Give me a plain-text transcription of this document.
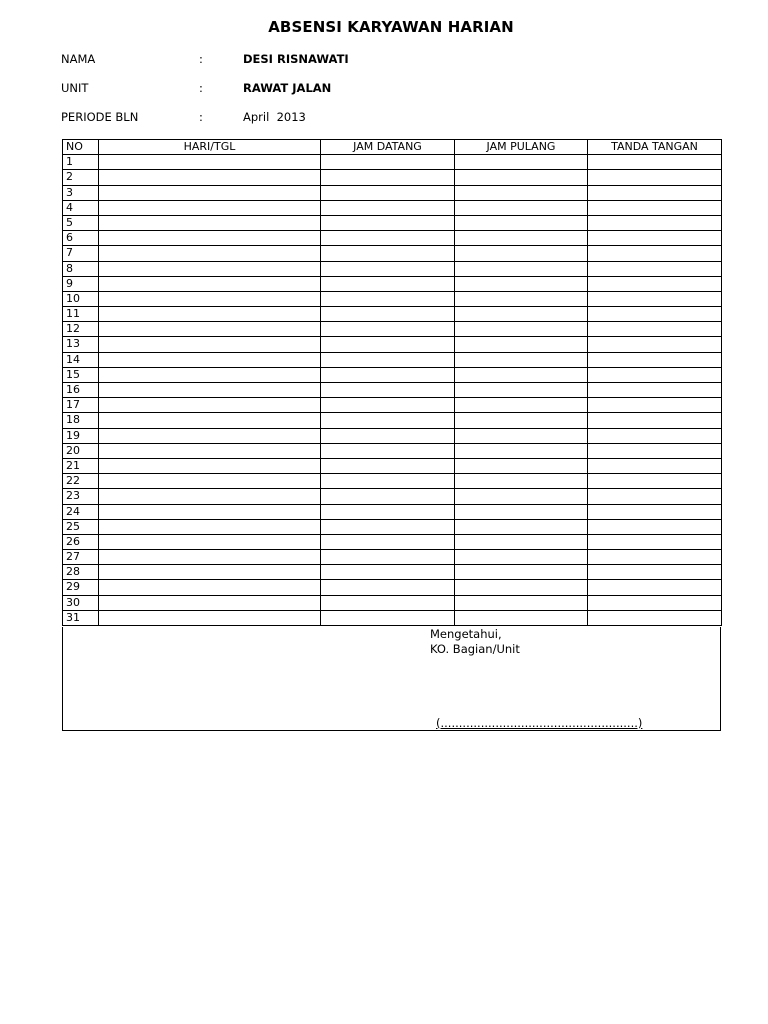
ABSENSI KARYAWAN HARIAN
NAMA	:	DESI RISNAWATI
UNIT	:	RAWAT JALAN
PERIODE BLN	:	April  2013
NO	HARI/TGL	JAM DATANG	JAM PULANG	TANDA TANGAN
1				
2				
3				
4				
5				
6				
7				
8				
9				
10				
11				
12				
13				
14				
15				
16				
17				
18				
19				
20				
21				
22				
23				
24				
25				
26				
27				
28				
29				
30				
31				
Mengetahui,
KO. Bagian/Unit
(......................................................)
